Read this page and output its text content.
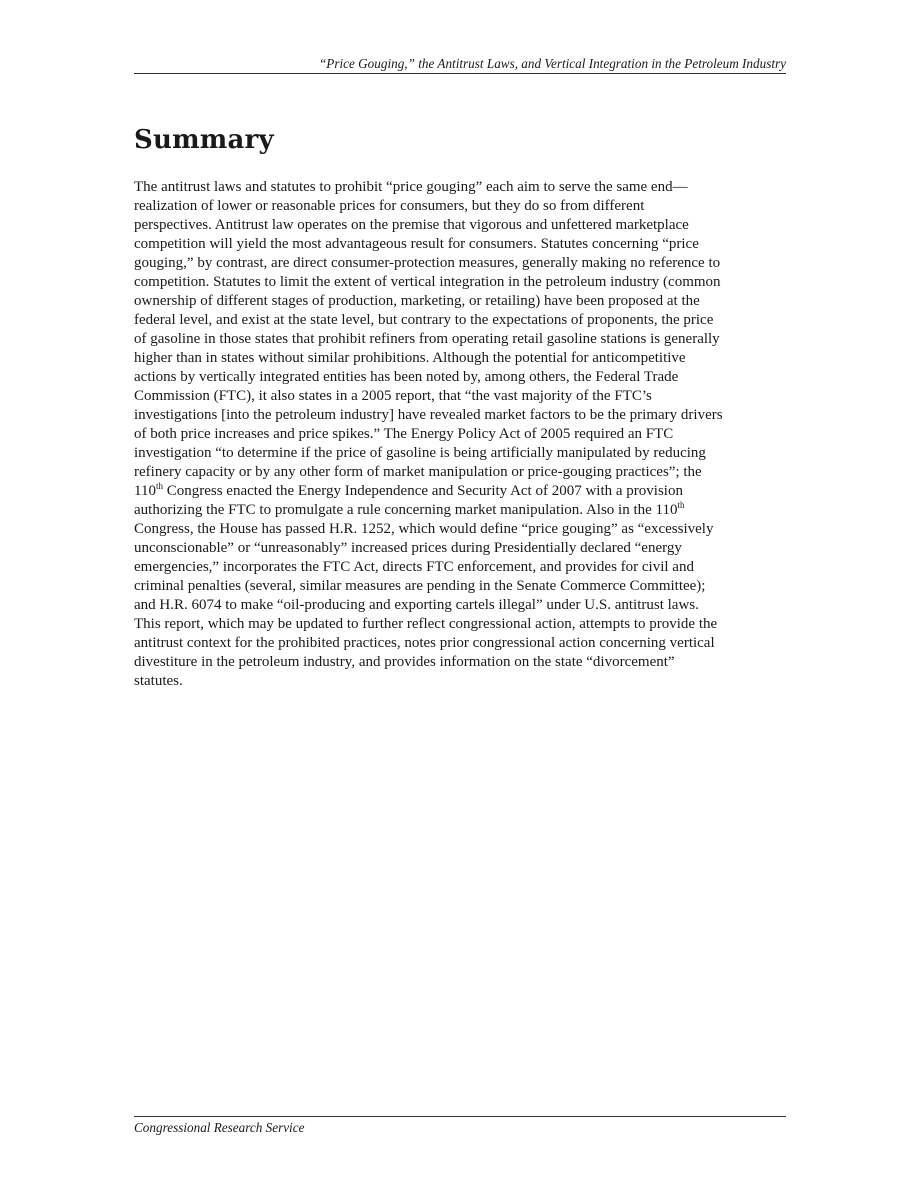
“Price Gouging,” the Antitrust Laws, and Vertical Integration in the Petroleum Industry
Summary

The antitrust laws and statutes to prohibit “price gouging” each aim to serve the same end—
realization of lower or reasonable prices for consumers, but they do so from different
perspectives. Antitrust law operates on the premise that vigorous and unfettered marketplace
competition will yield the most advantageous result for consumers. Statutes concerning “price
gouging,” by contrast, are direct consumer-protection measures, generally making no reference to
competition. Statutes to limit the extent of vertical integration in the petroleum industry (common
ownership of different stages of production, marketing, or retailing) have been proposed at the
federal level, and exist at the state level, but contrary to the expectations of proponents, the price
of gasoline in those states that prohibit refiners from operating retail gasoline stations is generally
higher than in states without similar prohibitions. Although the potential for anticompetitive
actions by vertically integrated entities has been noted by, among others, the Federal Trade
Commission (FTC), it also states in a 2005 report, that “the vast majority of the FTC’s
investigations [into the petroleum industry] have revealed market factors to be the primary drivers
of both price increases and price spikes.” The Energy Policy Act of 2005 required an FTC
investigation “to determine if the price of gasoline is being artificially manipulated by reducing
refinery capacity or by any other form of market manipulation or price-gouging practices”; the
110th Congress enacted the Energy Independence and Security Act of 2007 with a provision
authorizing the FTC to promulgate a rule concerning market manipulation. Also in the 110th
Congress, the House has passed H.R. 1252, which would define “price gouging” as “excessively
unconscionable” or “unreasonably” increased prices during Presidentially declared “energy
emergencies,” incorporates the FTC Act, directs FTC enforcement, and provides for civil and
criminal penalties (several, similar measures are pending in the Senate Commerce Committee);
and H.R. 6074 to make “oil-producing and exporting cartels illegal” under U.S. antitrust laws.
This report, which may be updated to further reflect congressional action, attempts to provide the
antitrust context for the prohibited practices, notes prior congressional action concerning vertical
divestiture in the petroleum industry, and provides information on the state “divorcement”
statutes.

Congressional Research Service
